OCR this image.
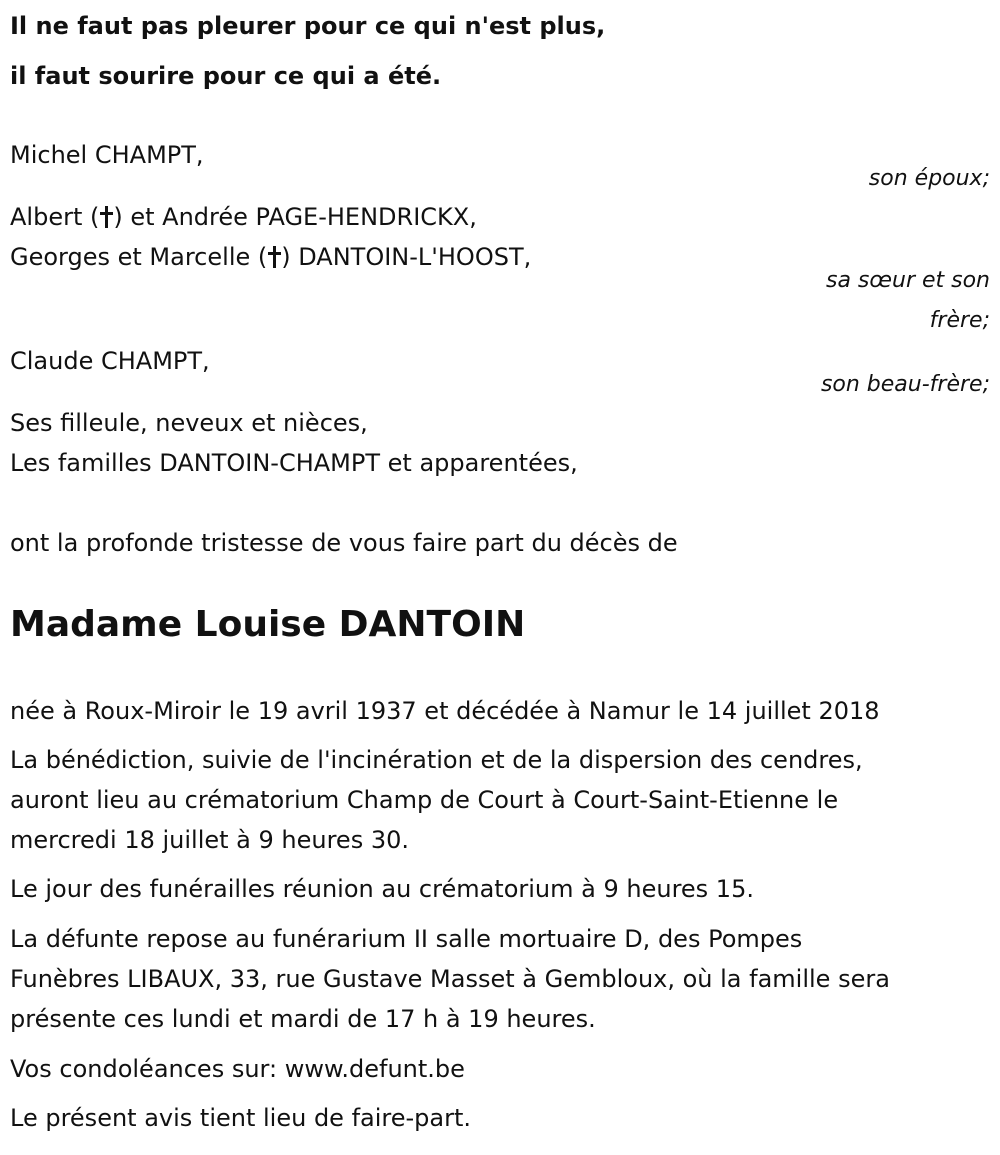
Il ne faut pas pleurer pour ce qui n'est plus,
il faut sourire pour ce qui a été.
Michel CHAMPT,
son époux;
Albert ( ) et Andrée PAGE-HENDRICKX,
Georges et Marcelle ( ) DANTOIN-L'HOOST,
sa sœur et son
frère;
Claude CHAMPT,
son beau-frère;
Ses filleule, neveux et nièces,
Les familles DANTOIN-CHAMPT et apparentées,
ont la profonde tristesse de vous faire part du décès de
Madame Louise DANTOIN
née à Roux-Miroir le 19 avril 1937 et décédée à Namur le 14 juillet 2018
La bénédiction, suivie de l'incinération et de la dispersion des cendres,
auront lieu au crématorium Champ de Court à Court-Saint-Etienne le
mercredi 18 juillet à 9 heures 30.
Le jour des funérailles réunion au crématorium à 9 heures 15.
La défunte repose au funérarium II salle mortuaire D, des Pompes
Funèbres LIBAUX, 33, rue Gustave Masset à Gembloux, où la famille sera
présente ces lundi et mardi de 17 h à 19 heures.
Vos condoléances sur: www.defunt.be
Le présent avis tient lieu de faire-part.
